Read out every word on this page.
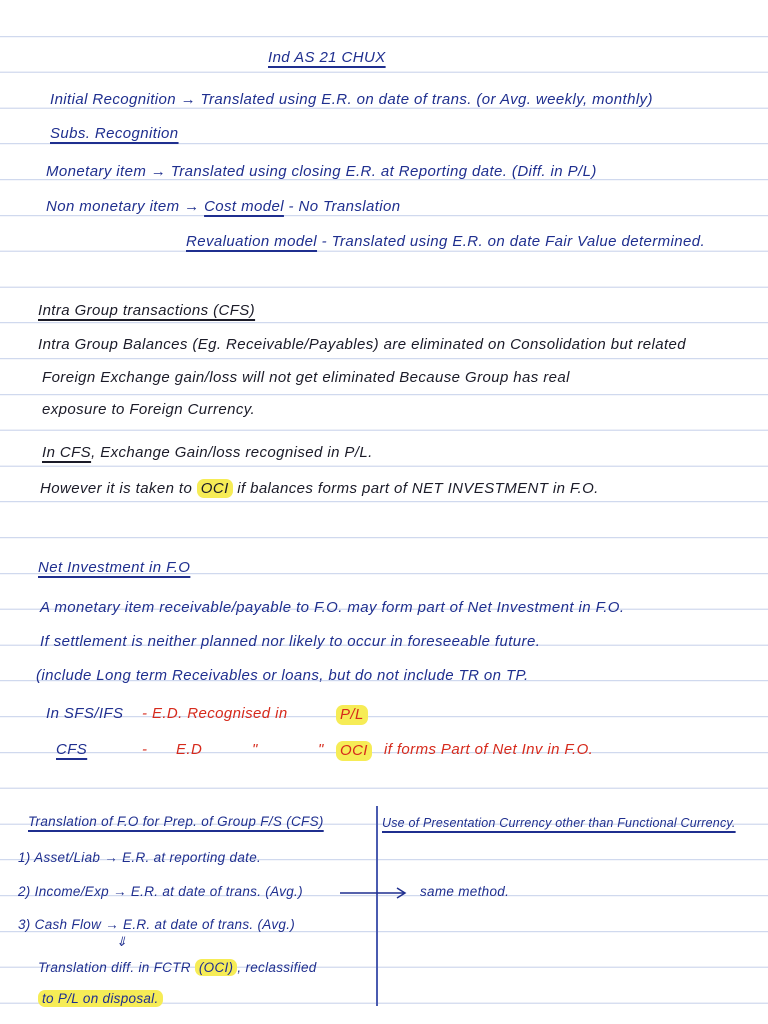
Ind AS 21 CHUX
Initial Recognition → Translated using E.R. on date of trans. (or Avg. weekly, monthly)
Subs. Recognition
Monetary item → Translated using closing E.R. at Reporting date. (Diff. in P/L)
Non monetary item → Cost model - No Translation
Revaluation model - Translated using E.R. on date Fair Value determined.
Intra Group transactions (CFS)
Intra Group Balances (Eg. Receivable/Payables) are eliminated on Consolidation but related
Foreign Exchange gain/loss will not get eliminated Because Group has real
exposure to Foreign Currency.
In CFS, Exchange Gain/loss recognised in P/L.
However it is taken to OCI if balances forms part of NET INVESTMENT in F.O.
Net Investment in F.O
A monetary item receivable/payable to F.O. may form part of Net Investment in F.O.
If settlement is neither planned nor likely to occur in foreseeable future.
(include Long term Receivables or loans, but do not include TR on TP.
In SFS/IFS - E.D. Recognised in	P/L
CFS	- E.D	"	" OCI if forms Part of Net Inv in F.O.
Translation of F.O for Prep. of Group F/S (CFS)	Use of Presentation Currency other than Functional Currency.
1) Asset/Liab → E.R. at reporting date.
2) Income/Exp → E.R. at date of trans. (Avg.)	same method.
3) Cash Flow → E.R. at date of trans. (Avg.)
⇓
Translation diff. in FCTR (OCI) , reclassified
to P/L on disposal.
